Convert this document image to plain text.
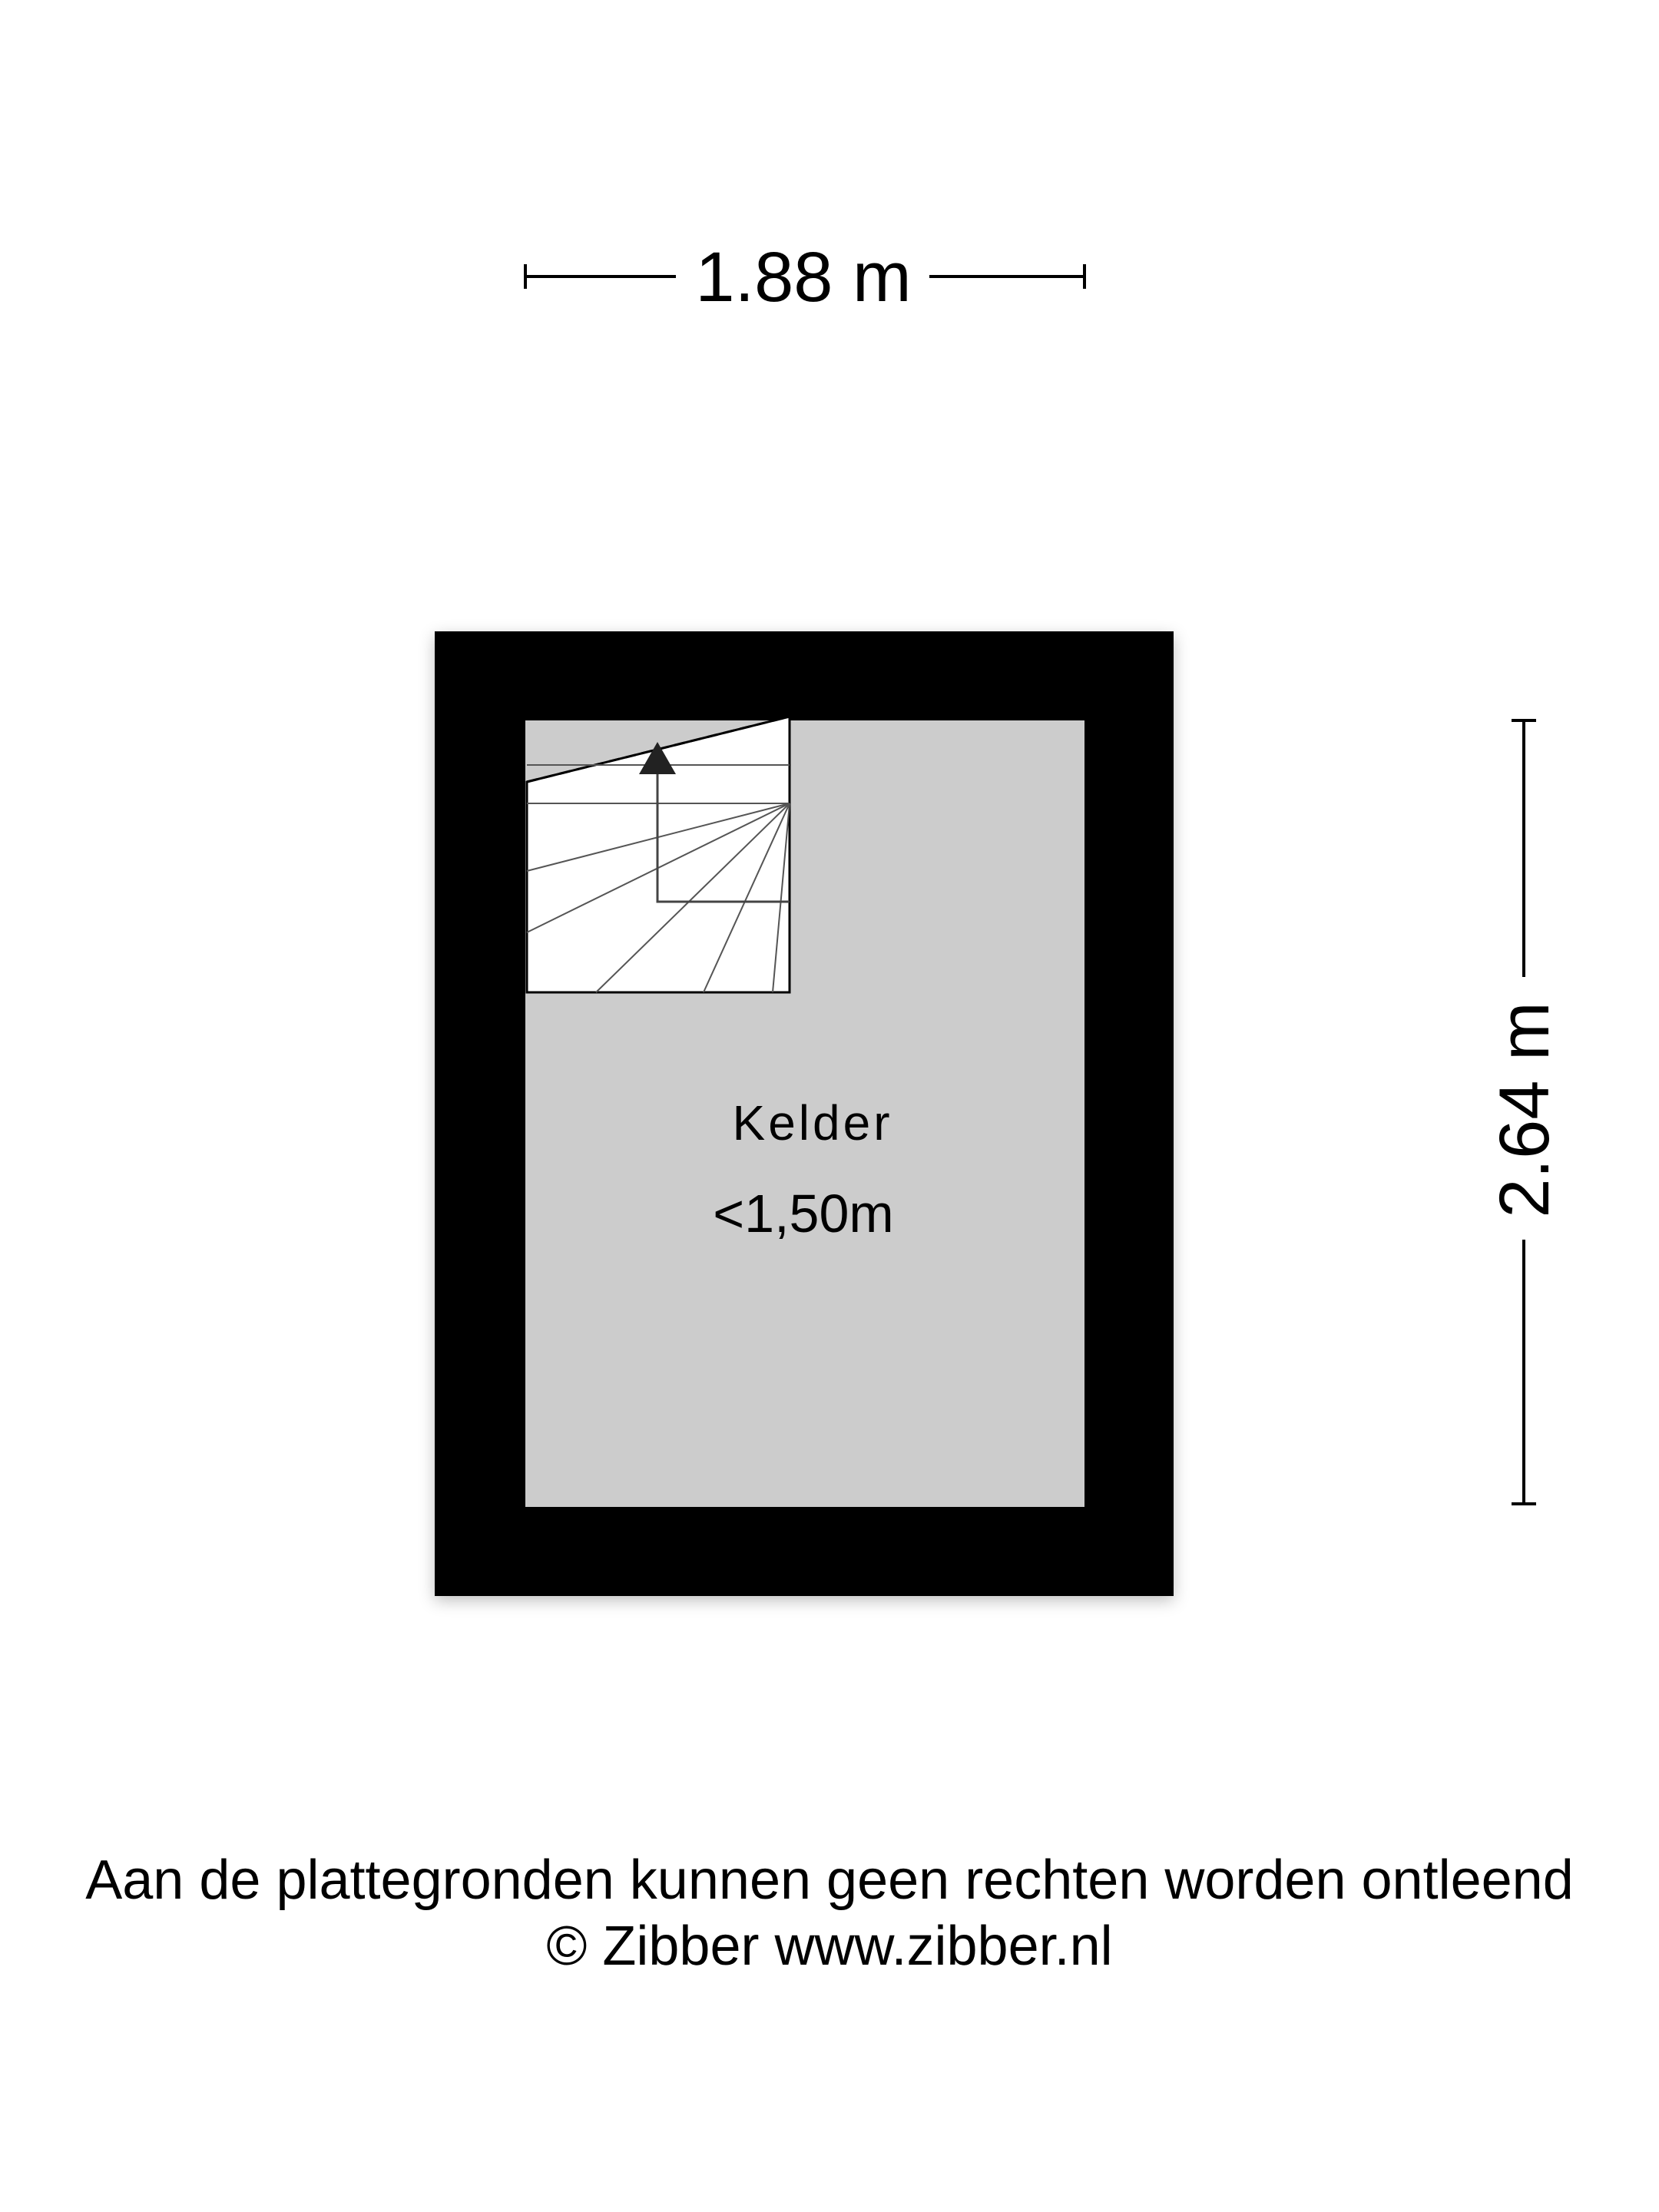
1.88 m
Kelder
<1,50m	2.64 m
Aan de plattegronden kunnen geen rechten worden ontleend
© Zibber www.zibber.nl
